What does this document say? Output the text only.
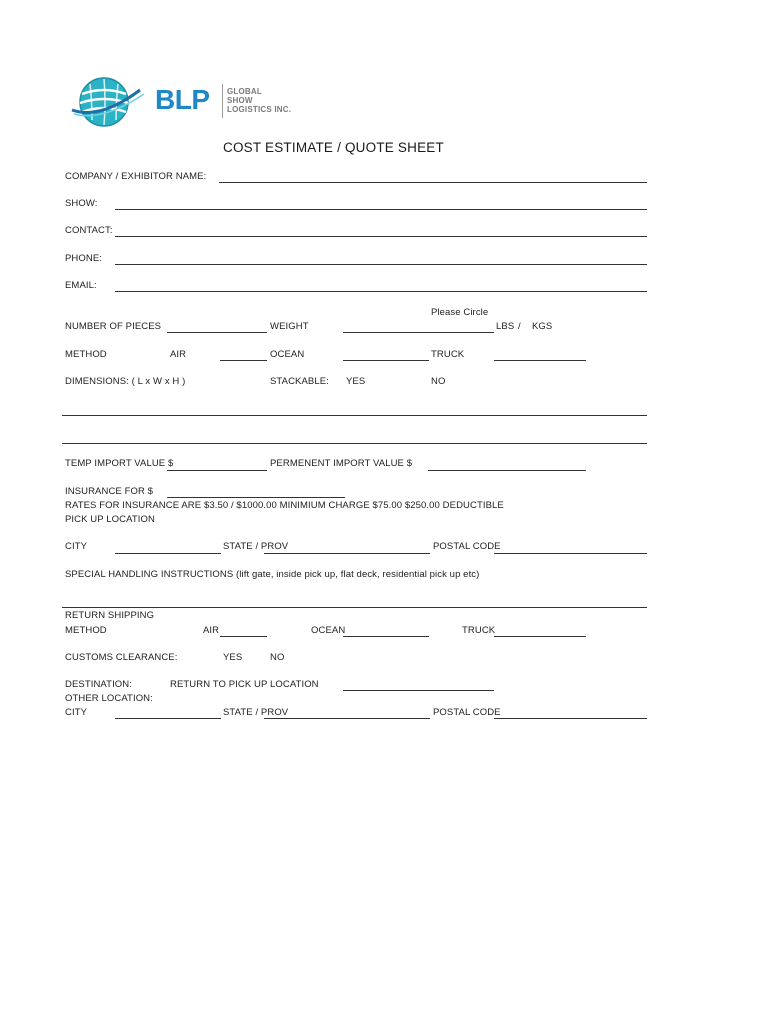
BLP GLOBAL
SHOW
LOGISTICS INC.
COST ESTIMATE / QUOTE SHEET
COMPANY / EXHIBITOR NAME:
SHOW:
CONTACT:
PHONE:
EMAIL:
Please Circle
NUMBER OF PIECES	WEIGHT	LBS / KGS
METHOD	AIR	OCEAN	TRUCK
DIMENSIONS: ( L x W x H )	STACKABLE: YES	NO
TEMP IMPORT VALUE $	PERMENENT IMPORT VALUE $
INSURANCE FOR $
RATES FOR INSURANCE ARE $3.50 / $1000.00 MINIMIUM CHARGE $75.00 $250.00 DEDUCTIBLE
PICK UP LOCATION
CITY	STATE / PROV	POSTAL CODE
SPECIAL HANDLING INSTRUCTIONS (lift gate, inside pick up, flat deck, residential pick up etc)
RETURN SHIPPING
METHOD	AIR	OCEAN	TRUCK
CUSTOMS CLEARANCE:	YES	NO
DESTINATION:	RETURN TO PICK UP LOCATION
OTHER LOCATION:
CITY	STATE / PROV	POSTAL CODE
